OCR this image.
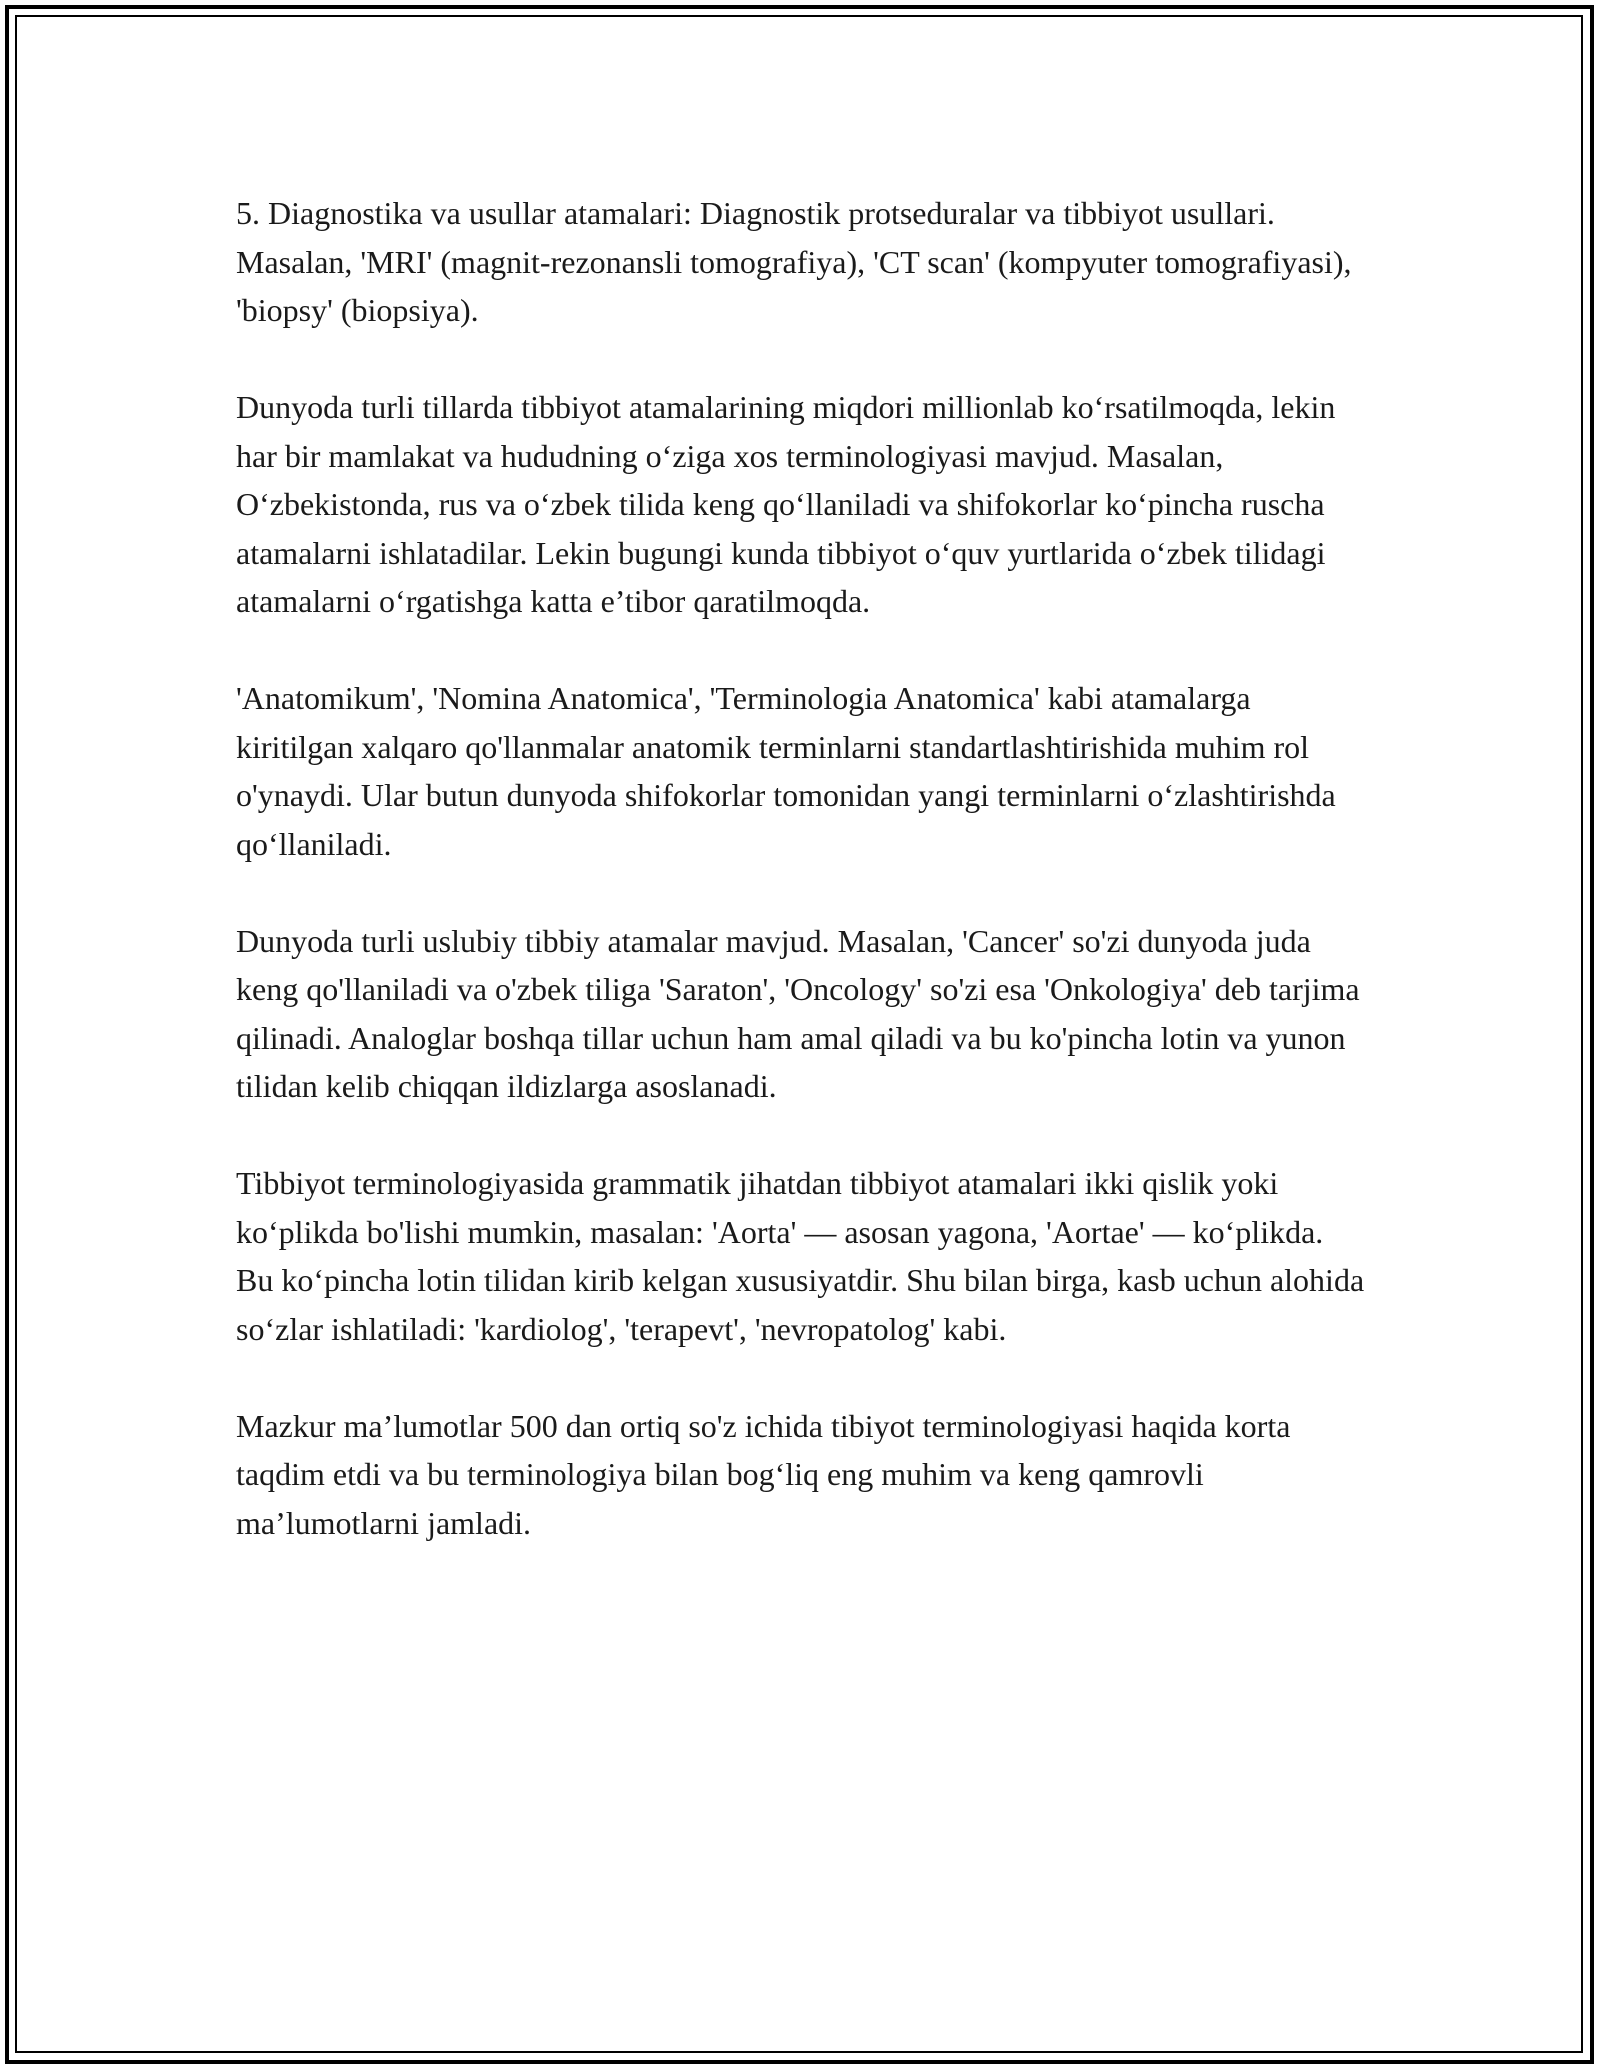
5. Diagnostika va usullar atamalari: Diagnostik protseduralar va tibbiyot usullari. Masalan, 'MRI' (magnit-rezonansli tomografiya), 'CT scan' (kompyuter tomografiyasi), 'biopsy' (biopsiya).

Dunyoda turli tillarda tibbiyot atamalarining miqdori millionlab ko‘rsatilmoqda, lekin har bir mamlakat va hududning o‘ziga xos terminologiyasi mavjud. Masalan, O‘zbekistonda, rus va o‘zbek tilida keng qo‘llaniladi va shifokorlar ko‘pincha ruscha atamalarni ishlatadilar. Lekin bugungi kunda tibbiyot o‘quv yurtlarida o‘zbek tilidagi atamalarni o‘rgatishga katta e’tibor qaratilmoqda.

'Anatomikum', 'Nomina Anatomica', 'Terminologia Anatomica' kabi atamalarga kiritilgan xalqaro qo'llanmalar anatomik terminlarni standartlashtirishida muhim rol o'ynaydi. Ular butun dunyoda shifokorlar tomonidan yangi terminlarni o‘zlashtirishda qo‘llaniladi.

Dunyoda turli uslubiy tibbiy atamalar mavjud. Masalan, 'Cancer' so'zi dunyoda juda keng qo'llaniladi va o'zbek tiliga 'Saraton', 'Oncology' so'zi esa 'Onkologiya' deb tarjima qilinadi. Analoglar boshqa tillar uchun ham amal qiladi va bu ko'pincha lotin va yunon tilidan kelib chiqqan ildizlarga asoslanadi.

Tibbiyot terminologiyasida grammatik jihatdan tibbiyot atamalari ikki qislik yoki ko‘plikda bo'lishi mumkin, masalan: 'Aorta' — asosan yagona, 'Aortae' — ko‘plikda. Bu ko‘pincha lotin tilidan kirib kelgan xususiyatdir. Shu bilan birga, kasb uchun alohida so‘zlar ishlatiladi: 'kardiolog', 'terapevt', 'nevropatolog' kabi.

Mazkur ma’lumotlar 500 dan ortiq so'z ichida tibiyot terminologiyasi haqida korta taqdim etdi va bu terminologiya bilan bog‘liq eng muhim va keng qamrovli ma’lumotlarni jamladi.
